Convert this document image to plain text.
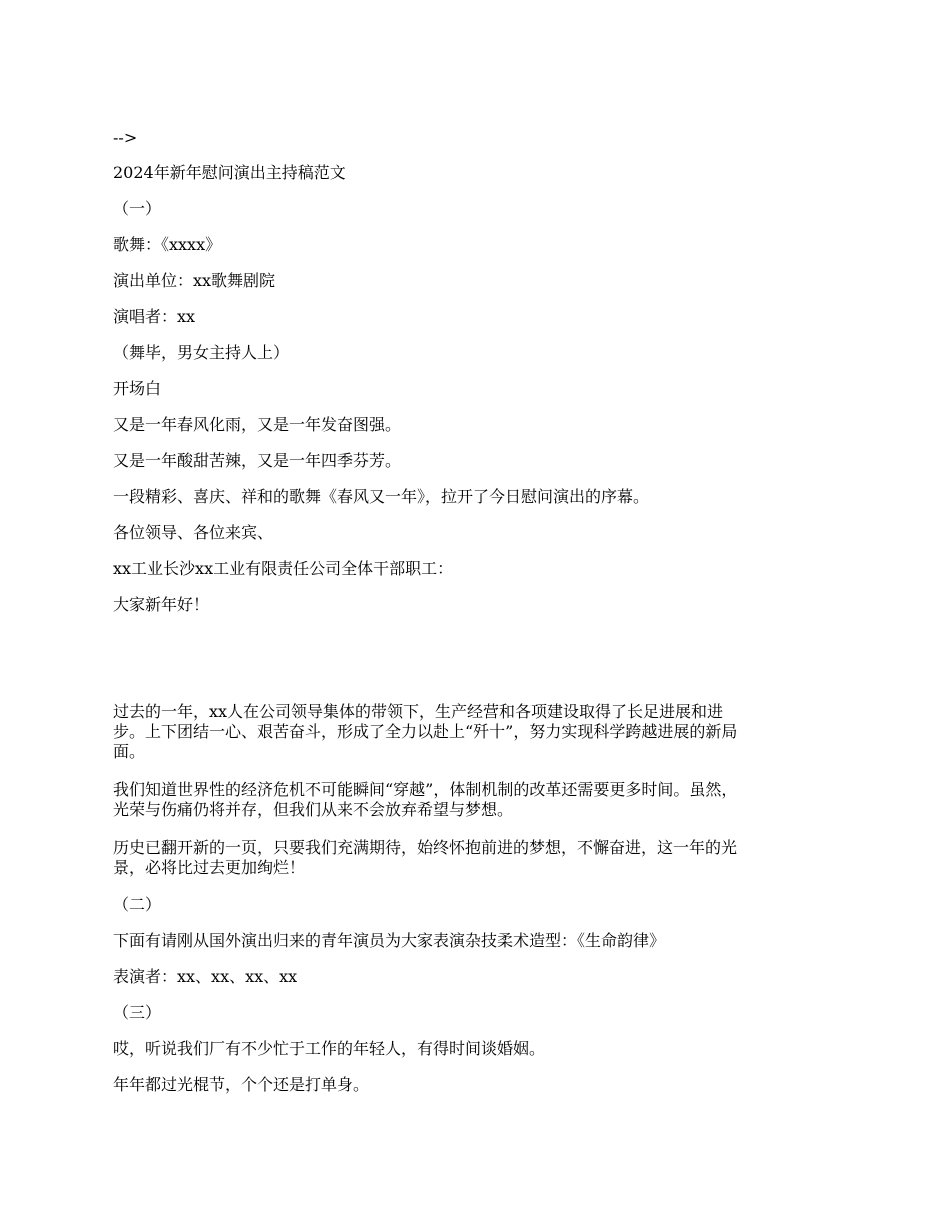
-->
2024年新年慰问演出主持稿范文
（一）
歌舞：《xxxx》
演出单位：xx歌舞剧院
演唱者：xx
（舞毕，男女主持人上）
开场白
又是一年春风化雨，又是一年发奋图强。
又是一年酸甜苦辣，又是一年四季芬芳。
一段精彩、喜庆、祥和的歌舞《春风又一年》，拉开了今日慰问演出的序幕。
各位领导、各位来宾、
xx工业长沙xx工业有限责任公司全体干部职工：
大家新年好！
过去的一年，xx人在公司领导集体的带领下，生产经营和各项建设取得了长足进展和进
步。上下团结一心、艰苦奋斗，形成了全力以赴上“歼十”，努力实现科学跨越进展的新局
面。
我们知道世界性的经济危机不可能瞬间“穿越”，体制机制的改革还需要更多时间。虽然，
光荣与伤痛仍将并存，但我们从来不会放弃希望与梦想。
历史已翻开新的一页，只要我们充满期待，始终怀抱前进的梦想，不懈奋进，这一年的光
景，必将比过去更加绚烂！
（二）
下面有请刚从国外演出归来的青年演员为大家表演杂技柔术造型：《生命韵律》
表演者：xx、xx、xx、xx
（三）
哎，听说我们厂有不少忙于工作的年轻人，有得时间谈婚姻。
年年都过光棍节，个个还是打单身。
